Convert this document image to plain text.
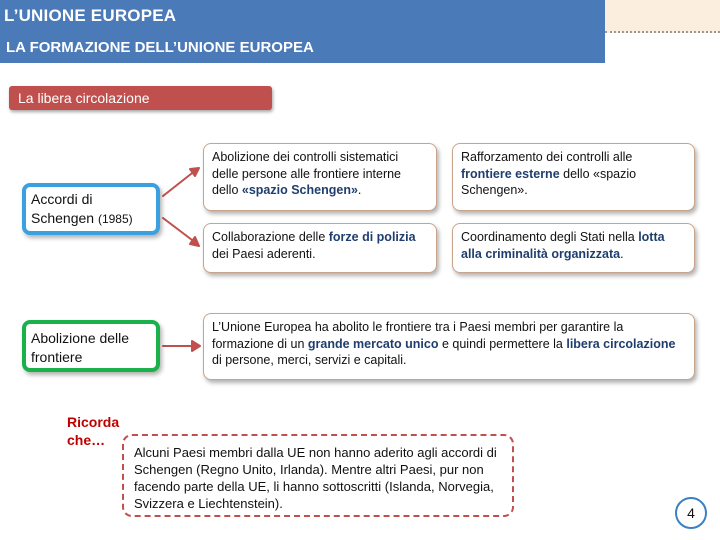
L’UNIONE EUROPEA
LA FORMAZIONE DELL’UNIONE EUROPEA
La libera circolazione
Accordi di
Schengen (1985)
Abolizione delle
frontiere
Abolizione dei controlli sistematici delle persone alle frontiere interne dello «spazio Schengen».
Rafforzamento dei controlli alle frontiere esterne dello «spazio Schengen».
Collaborazione delle forze di polizia dei Paesi aderenti.
Coordinamento degli Stati nella lotta alla criminalità organizzata.
L’Unione Europea ha abolito le frontiere tra i Paesi membri per garantire la formazione di un grande mercato unico e quindi permettere la libera circolazione di persone, merci, servizi e capitali.
Ricorda
che…
Alcuni Paesi membri dalla UE non hanno aderito agli accordi di Schengen (Regno Unito, Irlanda). Mentre altri Paesi, pur non facendo parte della UE, li hanno sottoscritti (Islanda, Norvegia, Svizzera e Liechtenstein).
4
